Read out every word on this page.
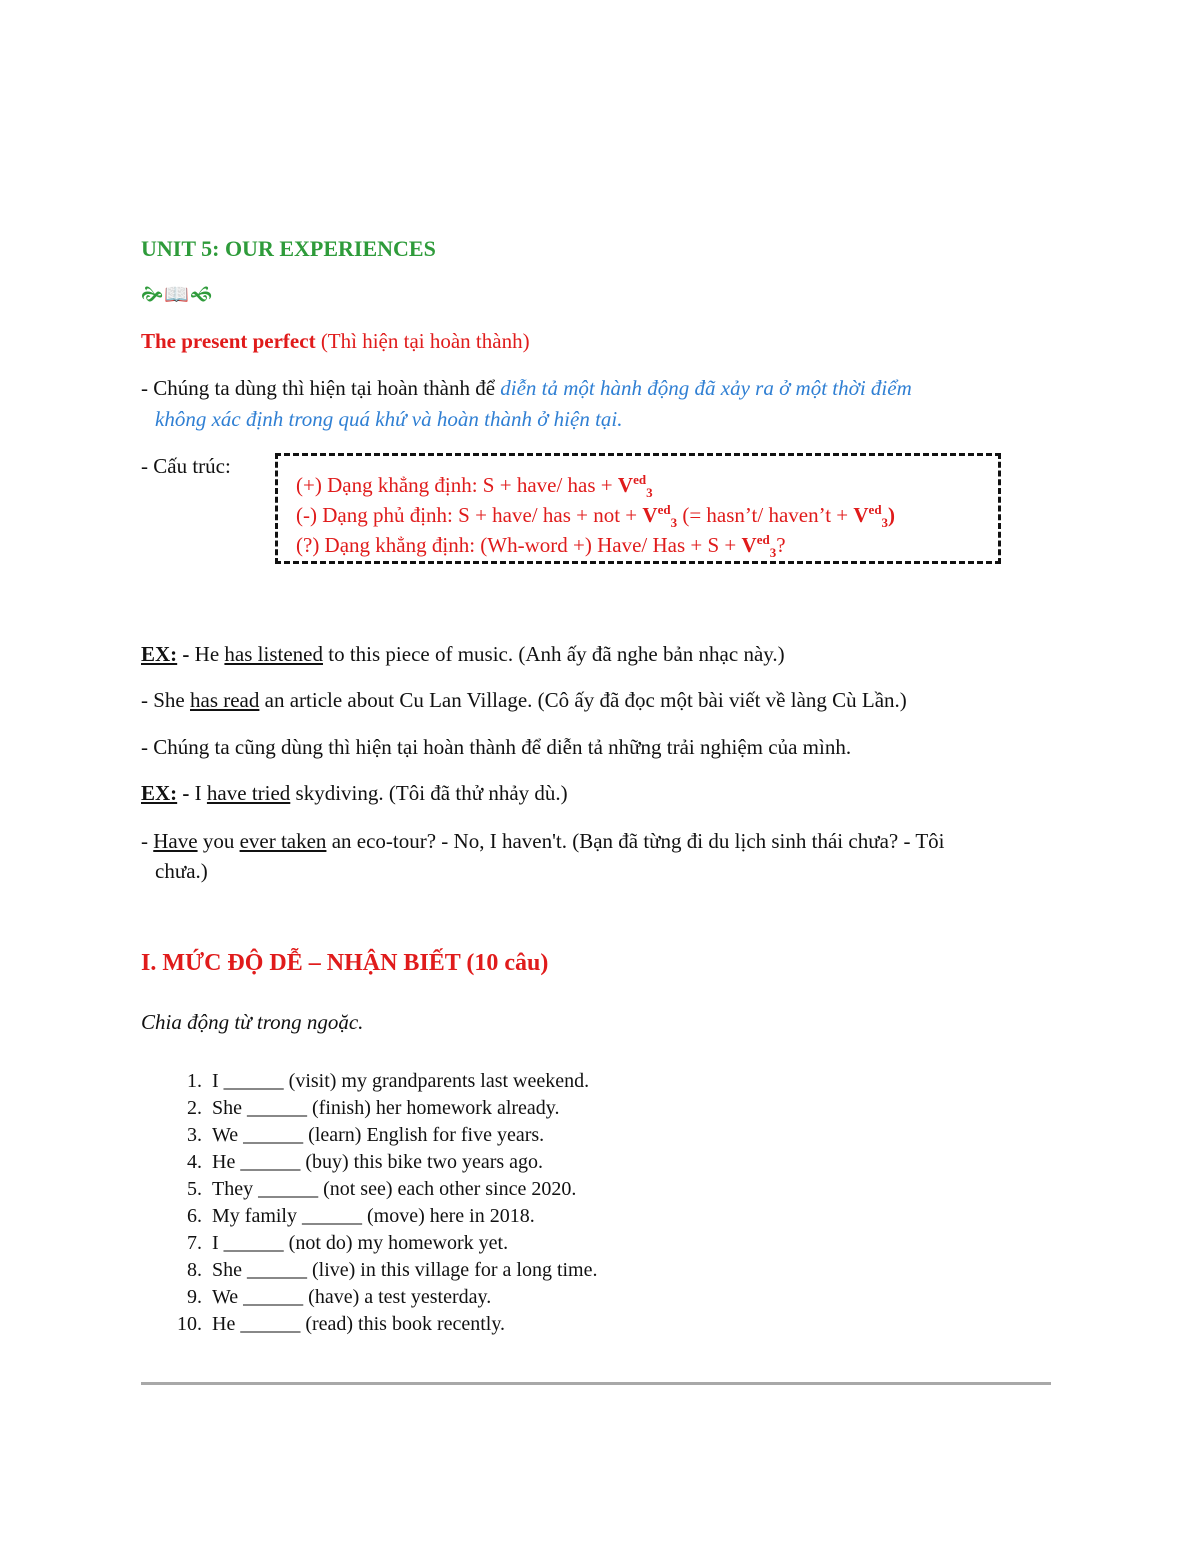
UNIT 5: OUR EXPERIENCES
🙞📖🙜
The present perfect (Thì hiện tại hoàn thành)
- Chúng ta dùng thì hiện tại hoàn thành để diễn tả một hành động đã xảy ra ở một thời điểm
không xác định trong quá khứ và hoàn thành ở hiện tại.
- Cấu trúc:
(+) Dạng khẳng định: S + have/ has + $V^{ed}_3$
(-) Dạng phủ định: S + have/ has + not + $V^{ed}_3$ (= hasn’t/ haven’t + $V^{ed}_3$)
(?) Dạng khẳng định: (Wh-word +) Have/ Has + $S + V^{ed}_3$?
EX: - He has listened to this piece of music. (Anh ấy đã nghe bản nhạc này.)
- She has read an article about Cu Lan Village. (Cô ấy đã đọc một bài viết về làng Cù Lần.)
- Chúng ta cũng dùng thì hiện tại hoàn thành để diễn tả những trải nghiệm của mình.
EX: - I have tried skydiving. (Tôi đã thử nhảy dù.)
- Have you ever taken an eco-tour? - No, I haven't. (Bạn đã từng đi du lịch sinh thái chưa? - Tôi
chưa.)
I. MỨC ĐỘ DỄ – NHẬN BIẾT (10 câu)
Chia động từ trong ngoặc.
1. I ______ (visit) my grandparents last weekend.
2. She ______ (finish) her homework already.
3. We ______ (learn) English for five years.
4. He ______ (buy) this bike two years ago.
5. They ______ (not see) each other since 2020.
6. My family ______ (move) here in 2018.
7. I ______ (not do) my homework yet.
8. She ______ (live) in this village for a long time.
9. We ______ (have) a test yesterday.
10. He ______ (read) this book recently.
